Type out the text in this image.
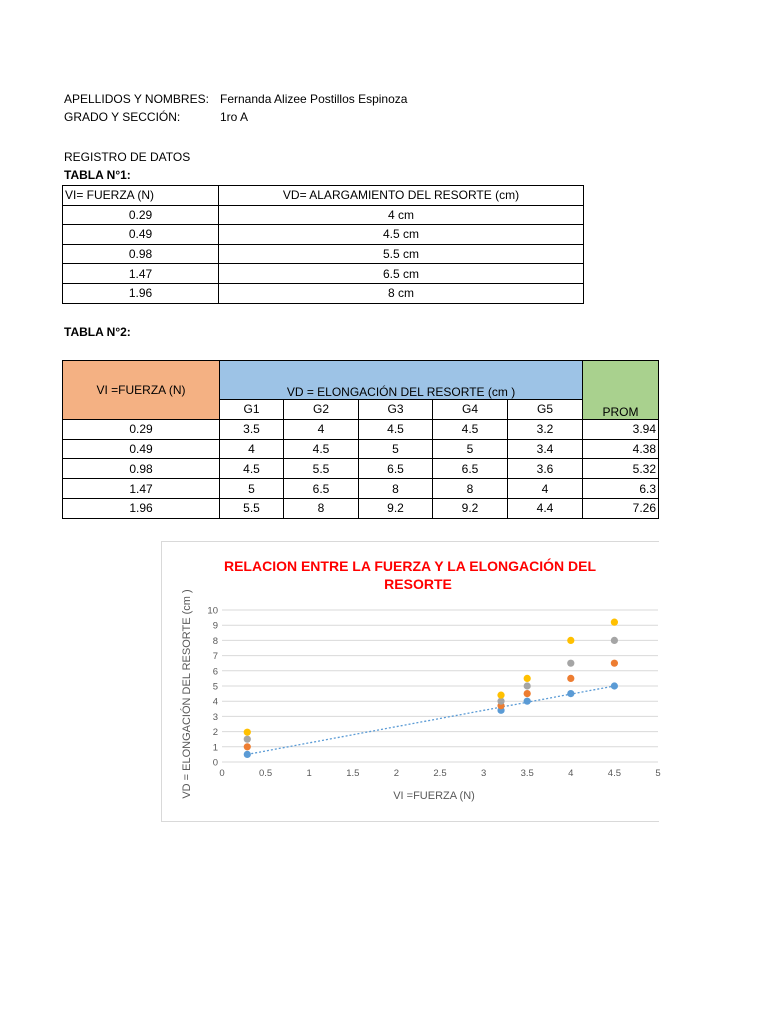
APELLIDOS Y NOMBRES: Fernanda Alizee Postillos Espinoza
GRADO Y SECCIÓN:	1ro A
REGISTRO DE DATOS
TABLA N°1:
VI= FUERZA (N)	VD= ALARGAMIENTO DEL RESORTE (cm)
0.29	4 cm
0.49	4.5 cm
0.98	5.5 cm
1.47	6.5 cm
1.96	8 cm
TABLA N°2:
VI =FUERZA (N)	VD = ELONGACIÓN DEL RESORTE (cm )					PROM
	G1	G2	G3	G4	G5	
0.29	3.5	4	4.5	4.5	3.2	3.94
0.49	4	4.5	5	5	3.4	4.38
0.98	4.5	5.5	6.5	6.5	3.6	5.32
1.47	5	6.5	8	8	4	6.3
1.96	5.5	8	9.2	9.2	4.4	7.26
RELACION ENTRE LA FUERZA Y LA ELONGACIÓN DEL
RESORTE
VD = ELONGACIÓN DEL RESORTE (cm )	VI =FUERZA (N)
0
1
2
3
4
5
6
7
8
9
10
0	0.5	1	1.5	2	2.5	3	3.5	4	4.5	5
